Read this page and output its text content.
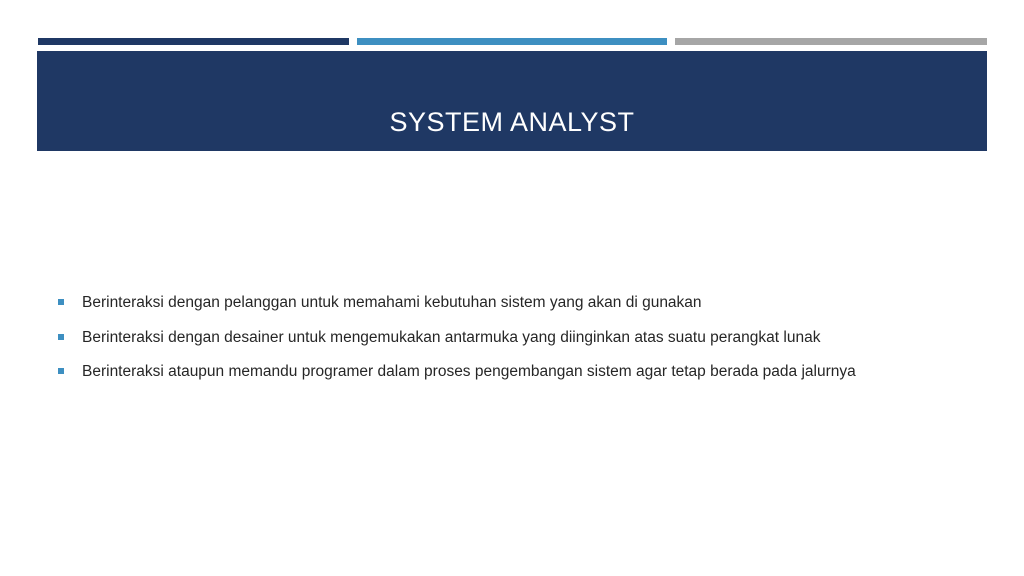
SYSTEM ANALYST
Berinteraksi dengan pelanggan untuk memahami kebutuhan sistem yang akan di gunakan
Berinteraksi dengan desainer untuk mengemukakan antarmuka yang diinginkan atas suatu perangkat lunak
Berinteraksi ataupun memandu programer dalam proses pengembangan sistem agar tetap berada pada jalurnya
